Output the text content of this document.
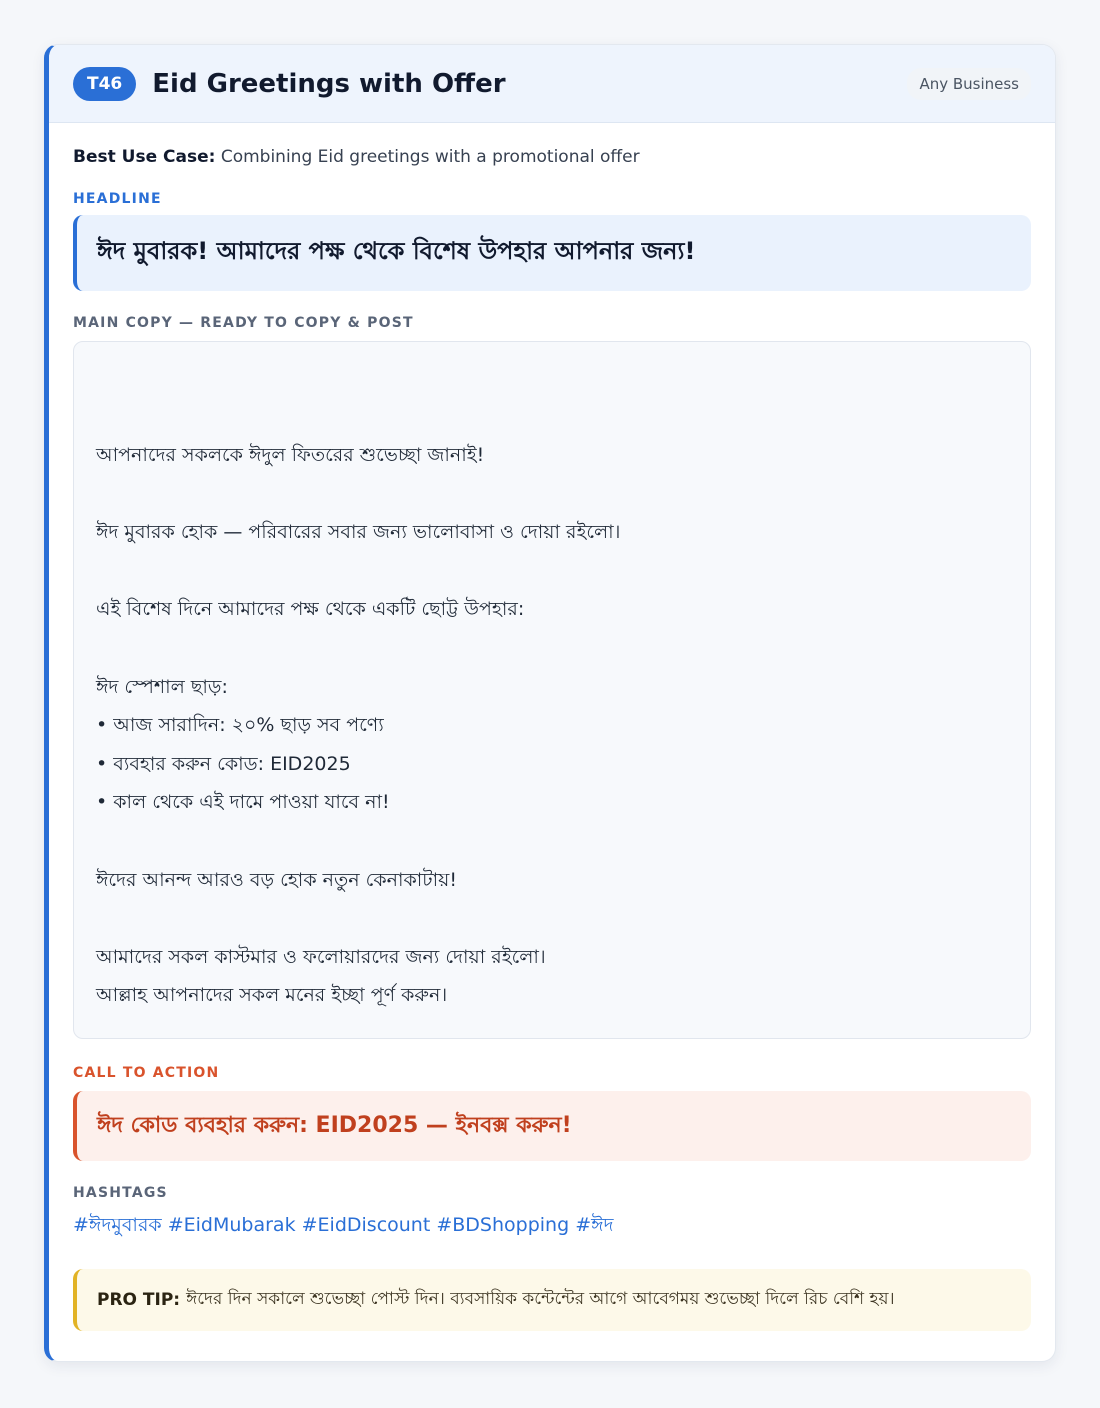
T46	Eid Greetings with Offer	Any Business
Best Use Case: Combining Eid greetings with a promotional offer
HEADLINE
ঈদ মুবারক! আমাদের পক্ষ থেকে বিশেষ উপহার আপনার জন্য!
MAIN COPY — READY TO COPY & POST
আপনাদের সকলকে ঈদুল ফিতরের শুভেচ্ছা জানাই!
ঈদ মুবারক হোক — পরিবারের সবার জন্য ভালোবাসা ও দোয়া রইলো।
এই বিশেষ দিনে আমাদের পক্ষ থেকে একটি ছোট্ট উপহার:
ঈদ স্পেশাল ছাড়:
• আজ সারাদিন: ২০% ছাড় সব পণ্যে
• ব্যবহার করুন কোড: EID2025
• কাল থেকে এই দামে পাওয়া যাবে না!
ঈদের আনন্দ আরও বড় হোক নতুন কেনাকাটায়!
আমাদের সকল কাস্টমার ও ফলোয়ারদের জন্য দোয়া রইলো।
আল্লাহ আপনাদের সকল মনের ইচ্ছা পূর্ণ করুন।
CALL TO ACTION
ঈদ কোড ব্যবহার করুন: EID2025 — ইনবক্স করুন!
HASHTAGS
#ঈদমুবারক #EidMubarak #EidDiscount #BDShopping #ঈদ
PRO TIP: ঈদের দিন সকালে শুভেচ্ছা পোস্ট দিন। ব্যবসায়িক কন্টেন্টের আগে আবেগময় শুভেচ্ছা দিলে রিচ বেশি হয়।
